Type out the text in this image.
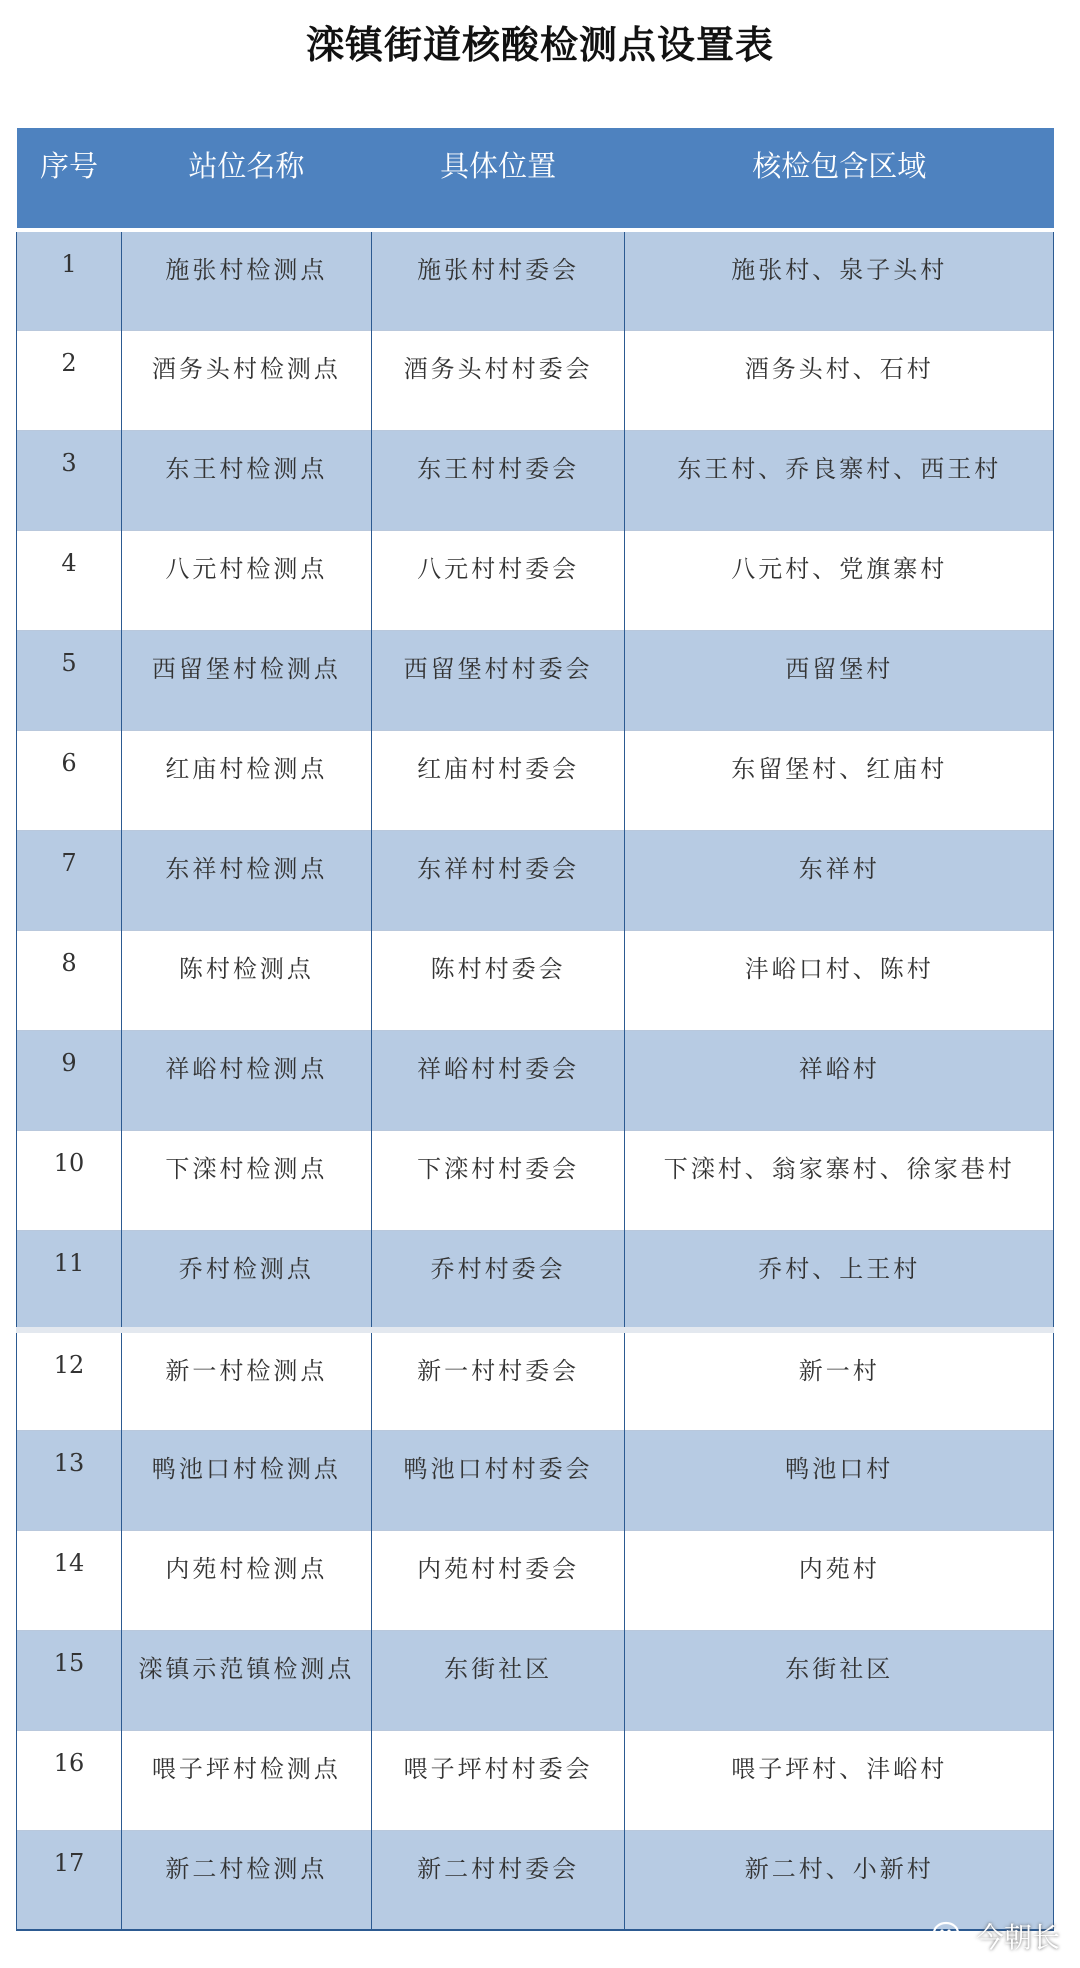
滦镇街道核酸检测点设置表
序号	站位名称	具体位置	核检包含区域
1	施张村检测点	施张村村委会	施张村、泉子头村
2	酒务头村检测点	酒务头村村委会	酒务头村、石村
3	东王村检测点	东王村村委会	东王村、乔良寨村、西王村
4	八元村检测点	八元村村委会	八元村、党旗寨村
5	西留堡村检测点	西留堡村村委会	西留堡村
6	红庙村检测点	红庙村村委会	东留堡村、红庙村
7	东祥村检测点	东祥村村委会	东祥村
8	陈村检测点	陈村村委会	沣峪口村、陈村
9	祥峪村检测点	祥峪村村委会	祥峪村
10	下滦村检测点	下滦村村委会	下滦村、翁家寨村、徐家巷村
11	乔村检测点	乔村村委会	乔村、上王村
12	新一村检测点	新一村村委会	新一村
13	鸭池口村检测点	鸭池口村村委会	鸭池口村
14	内苑村检测点	内苑村村委会	内苑村
15	滦镇示范镇检测点	东街社区	东街社区
16	喂子坪村检测点	喂子坪村村委会	喂子坪村、沣峪村
17	新二村检测点	新二村村委会	新二村、小新村
今朝长
